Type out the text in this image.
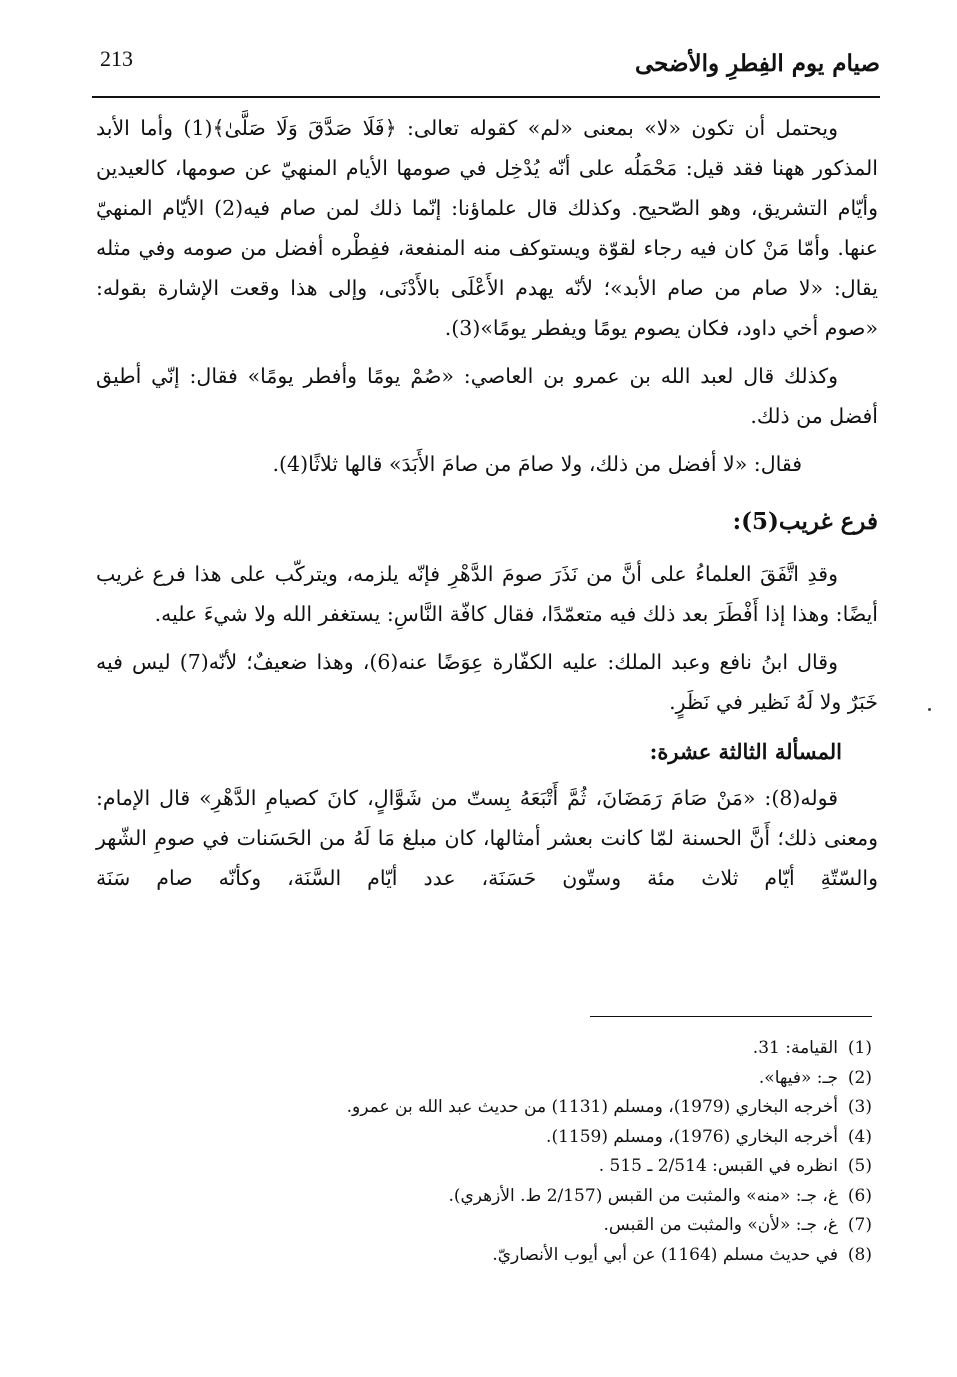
213	صيام يوم الفِطرِ والأضحى

ويحتمل أن تكون «لا» بمعنى «لم» كقوله تعالى: ﴿فَلَا صَدَّقَ وَلَا صَلَّىٰ﴾(1) وأما الأبد المذكور ههنا فقد قيل: مَحْمَلُه على أنّه يُدْخِل في صومها الأيام المنهيّ عن صومها، كالعيدين وأيّام التشريق، وهو الصّحيح. وكذلك قال علماؤنا: إنّما ذلك لمن صام فيه(2) الأيّام المنهيّ عنها. وأمّا مَنْ كان فيه رجاء لقوّة ويستوكف منه المنفعة، ففِطْره أفضل من صومه وفي مثله يقال: «لا صام من صام الأبد»؛ لأنّه يهدم الأَعْلَى بالأَدْنَى، وإلى هذا وقعت الإشارة بقوله: «صوم أخي داود، فكان يصوم يومًا ويفطر يومًا»(3).

وكذلك قال لعبد الله بن عمرو بن العاصي: «صُمْ يومًا وأفطر يومًا» فقال: إنّي أطيق أفضل من ذلك.

فقال: «لا أفضل من ذلك، ولا صامَ من صامَ الأَبَدَ» قالها ثلاثًا(4).

فرع غريب(5):

وقدِ اتَّفَقَ العلماءُ على أنَّ من نَذَرَ صومَ الدَّهْرِ فإنّه يلزمه، ويتركّب على هذا فرع غريب أيضًا: وهذا إذا أَفْطَرَ بعد ذلك فيه متعمّدًا، فقال كافّة النَّاسِ: يستغفر الله ولا شيءَ عليه.

وقال ابنُ نافع وعبد الملك: عليه الكفّارة عِوَضًا عنه(6)، وهذا ضعيفٌ؛ لأنّه(7) ليس فيه خَبَرٌ ولا لَهُ نَظير في نَظَرٍ.

المسألة الثالثة عشرة:

قوله(8): «مَنْ صَامَ رَمَضَانَ، ثُمَّ أَتْبَعَهُ بِستّ من شَوَّالٍ، كانَ كصيامِ الدَّهْرِ» قال الإمام: ومعنى ذلك؛ أَنَّ الحسنة لمّا كانت بعشر أمثالها، كان مبلغ مَا لَهُ من الحَسَنات في صومِ الشّهر والسّتّةِ أيّام ثلاث مئة وستّون حَسَنَة، عدد أيّام السَّنَة، وكأنّه صام سَنَة

(1)القيامة: 31.
(2)جـ: «فيها».
(3)أخرجه البخاري (1979)، ومسلم (1131) من حديث عبد الله بن عمرو.
(4)أخرجه البخاري (1976)، ومسلم (1159).
(5)انظره في القبس: 2/514 ـ 515 .
(6)غ، جـ: «منه» والمثبت من القبس (2/157 ط. الأزهري).
(7)غ، جـ: «لأن» والمثبت من القبس.
(8)في حديث مسلم (1164) عن أبي أيوب الأنصاريّ.
